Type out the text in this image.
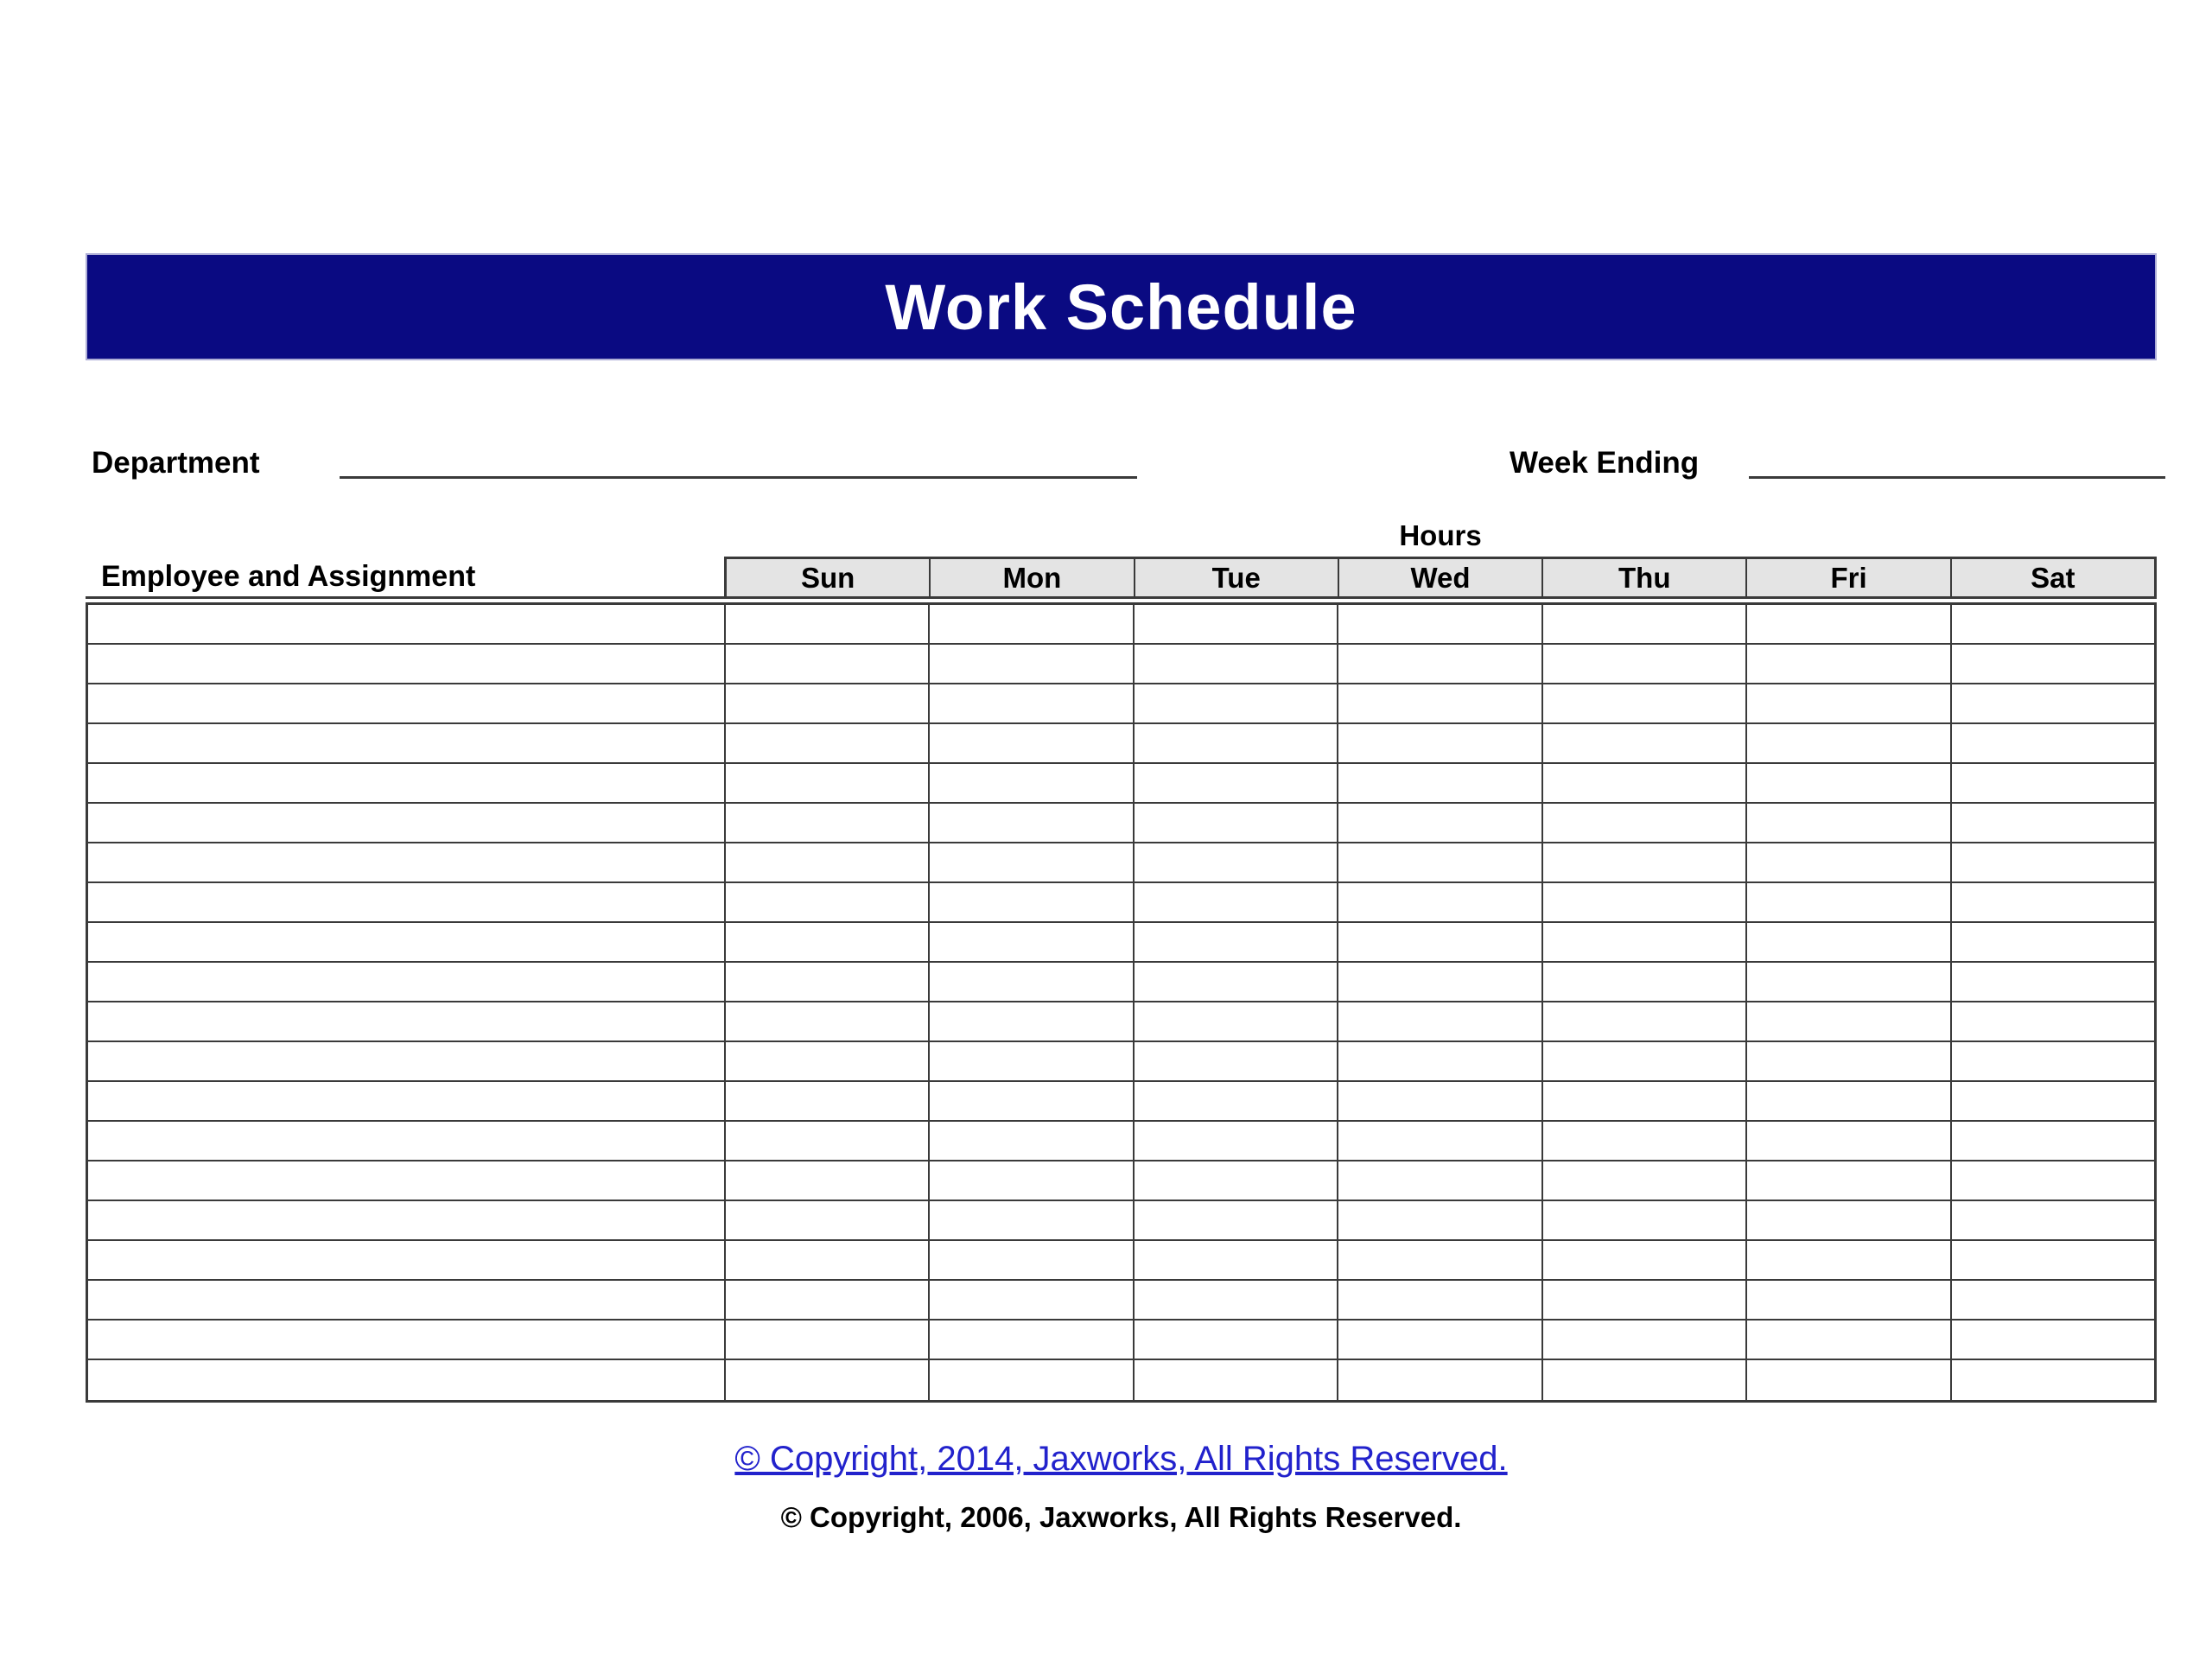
Work Schedule
Department	Week Ending
Hours
Employee and Assignment	Sun	Mon	Tue	Wed	Thu	Fri	Sat
© Copyright, 2014, Jaxworks, All Rights Reserved.
© Copyright, 2006, Jaxworks, All Rights Reserved.
